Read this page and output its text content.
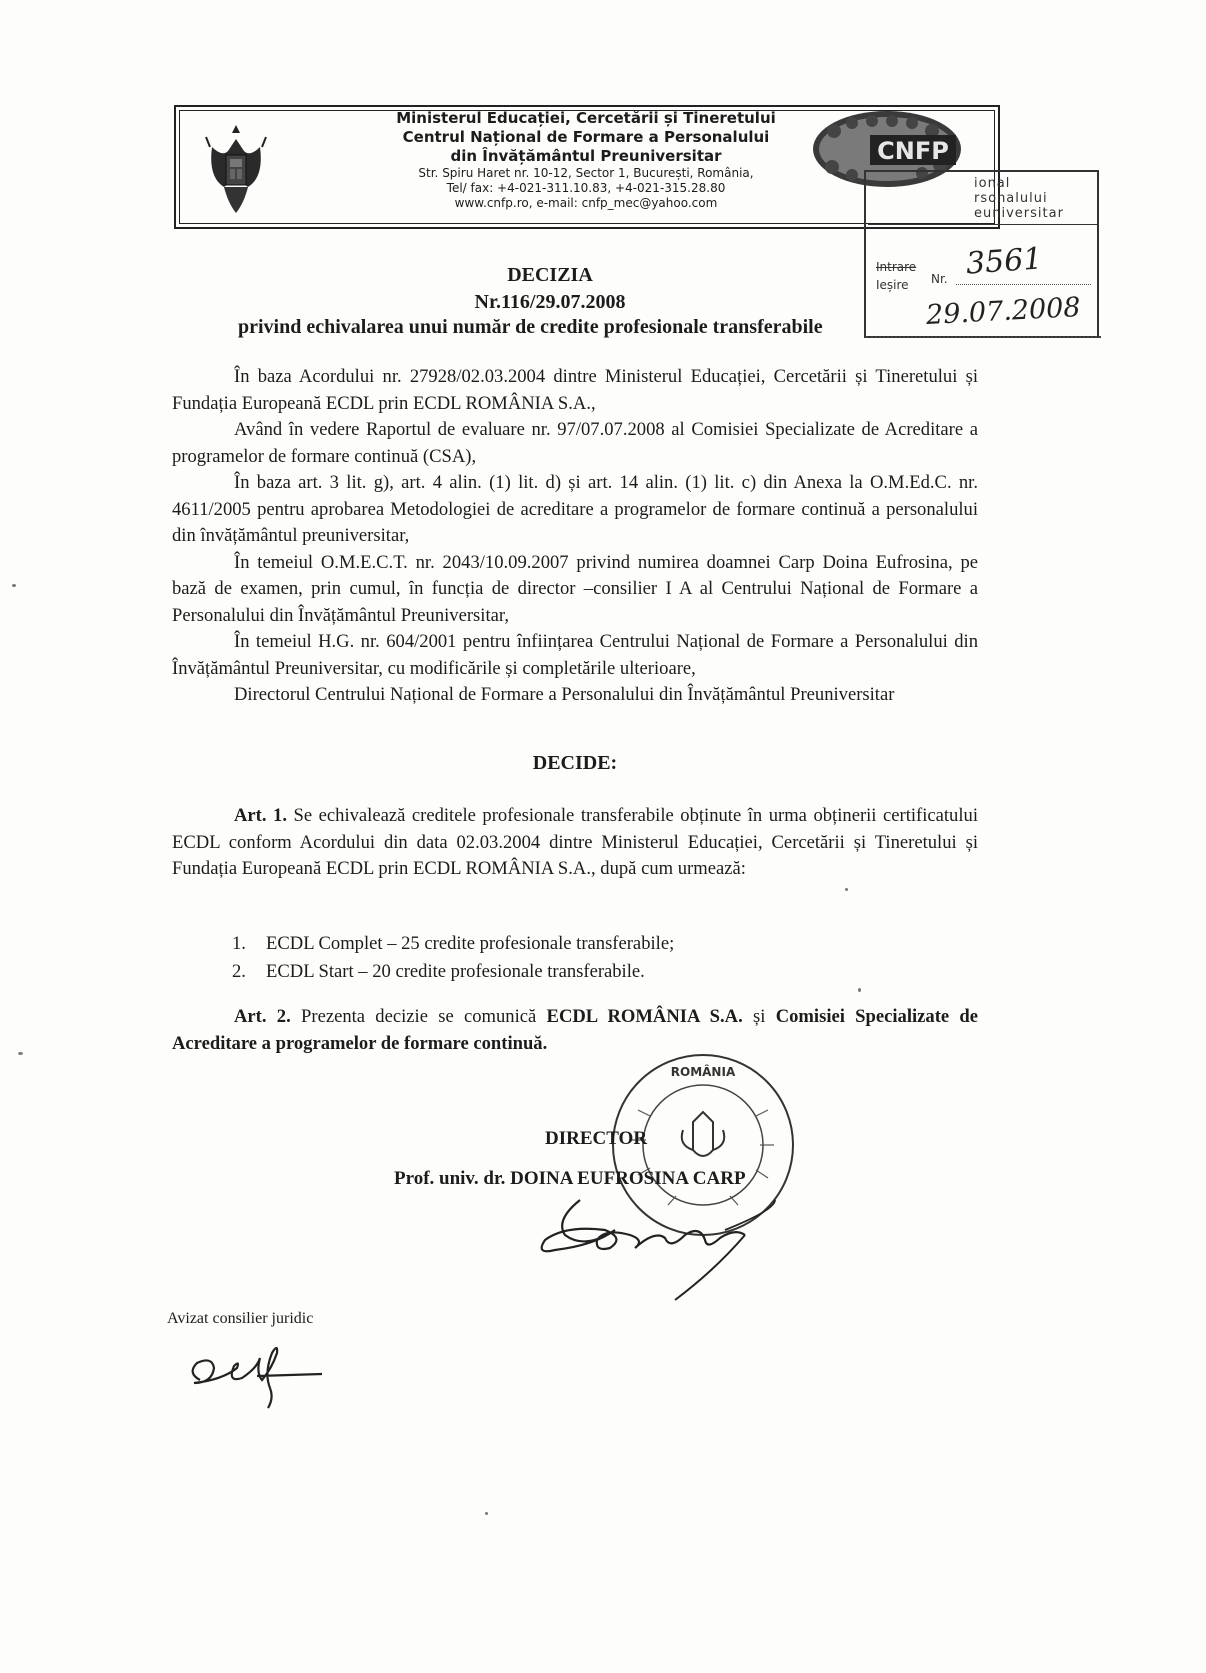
Ministerul Educației, Cercetării și Tineretului
Centrul Național de Formare a Personalului
din Învățământul Preuniversitar
Str. Spiru Haret nr. 10-12, Sector 1, București, România,
Tel/ fax: +4-021-311.10.83, +4-021-315.28.80
www.cnfp.ro, e-mail: cnfp_mec@yahoo.com
CNFP
ional
rsonalului
euniversitar

Intrare
Ieșire Nr. 3561
29.07.2008
DECIZIA
Nr.116/29.07.2008
privind echivalarea unui număr de credite profesionale transferabile

În baza Acordului nr. 27928/02.03.2004 dintre Ministerul Educației, Cercetării și Tineretului și Fundația Europeană ECDL prin ECDL ROMÂNIA S.A.,

Având în vedere Raportul de evaluare nr. 97/07.07.2008 al Comisiei Specializate de Acreditare a programelor de formare continuă (CSA),

În baza art. 3 lit. g), art. 4 alin. (1) lit. d) și art. 14 alin. (1) lit. c) din Anexa la O.M.Ed.C. nr. 4611/2005 pentru aprobarea Metodologiei de acreditare a programelor de formare continuă a personalului din învățământul preuniversitar,

În temeiul O.M.E.C.T. nr. 2043/10.09.2007 privind numirea doamnei Carp Doina Eufrosina, pe bază de examen, prin cumul, în funcția de director –consilier I A al Centrului Național de Formare a Personalului din Învățământul Preuniversitar,

În temeiul H.G. nr. 604/2001 pentru înființarea Centrului Național de Formare a Personalului din Învățământul Preuniversitar, cu modificările și completările ulterioare,

Directorul Centrului Național de Formare a Personalului din Învățământul Preuniversitar

DECIDE:

Art. 1. Se echivalează creditele profesionale transferabile obținute în urma obținerii certificatului ECDL conform Acordului din data 02.03.2004 dintre Ministerul Educației, Cercetării și Tineretului și Fundația Europeană ECDL prin ECDL ROMÂNIA S.A., după cum urmează:

1.	ECDL Complet – 25 credite profesionale transferabile;
2.	ECDL Start – 20 credite profesionale transferabile.

Art. 2. Prezenta decizie se comunică ECDL ROMÂNIA S.A. și Comisiei Specializate de Acreditare a programelor de formare continuă.

ROMÂNIA
DIRECTOR
Prof. univ. dr. DOINA EUFROSINA CARP
Avizat consilier juridic
